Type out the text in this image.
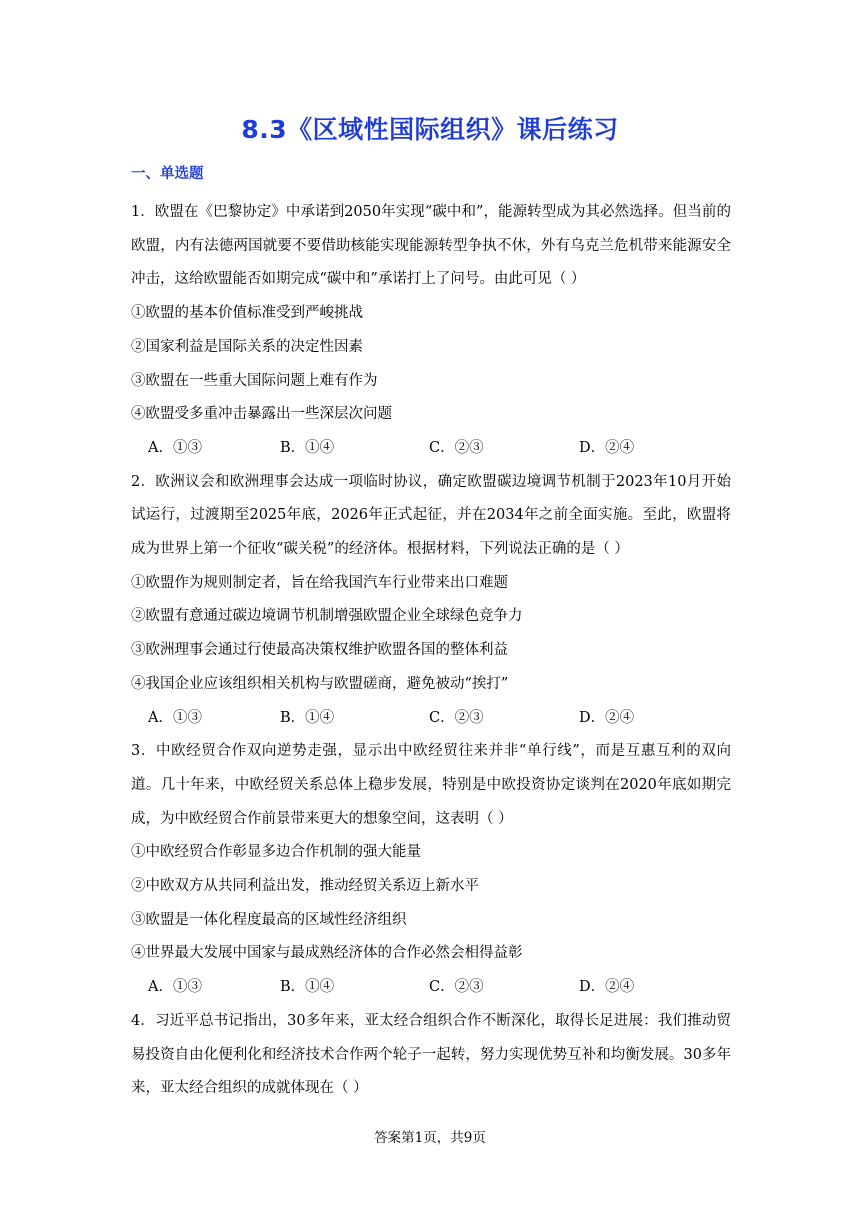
8.3《区域性国际组织》课后练习
一、单选题

1．欧盟在《巴黎协定》中承诺到2050年实现“碳中和”，能源转型成为其必然选择。但当前的欧盟，内有法德两国就要不要借助核能实现能源转型争执不休，外有乌克兰危机带来能源安全冲击，这给欧盟能否如期完成“碳中和”承诺打上了问号。由此可见（ ）

①欧盟的基本价值标准受到严峻挑战

②国家利益是国际关系的决定性因素

③欧盟在一些重大国际问题上难有作为

④欧盟受多重冲击暴露出一些深层次问题

A．①③	B．①④	C．②③	D．②④

2．欧洲议会和欧洲理事会达成一项临时协议，确定欧盟碳边境调节机制于2023年10月开始试运行，过渡期至2025年底，2026年正式起征，并在2034年之前全面实施。至此，欧盟将成为世界上第一个征收“碳关税”的经济体。根据材料，下列说法正确的是（ ）

①欧盟作为规则制定者，旨在给我国汽车行业带来出口难题

②欧盟有意通过碳边境调节机制增强欧盟企业全球绿色竞争力

③欧洲理事会通过行使最高决策权维护欧盟各国的整体利益

④我国企业应该组织相关机构与欧盟磋商，避免被动“挨打”

A．①③	B．①④	C．②③	D．②④

3．中欧经贸合作双向逆势走强，显示出中欧经贸往来并非“单行线”，而是互惠互利的双向道。几十年来，中欧经贸关系总体上稳步发展，特别是中欧投资协定谈判在2020年底如期完成，为中欧经贸合作前景带来更大的想象空间，这表明（ ）

①中欧经贸合作彰显多边合作机制的强大能量

②中欧双方从共同利益出发，推动经贸关系迈上新水平

③欧盟是一体化程度最高的区域性经济组织

④世界最大发展中国家与最成熟经济体的合作必然会相得益彰

A．①③	B．①④	C．②③	D．②④

4．习近平总书记指出，30多年来，亚太经合组织合作不断深化，取得长足进展：我们推动贸易投资自由化便利化和经济技术合作两个轮子一起转，努力实现优势互补和均衡发展。30多年来，亚太经合组织的成就体现在（ ）

答案第1页，共9页
